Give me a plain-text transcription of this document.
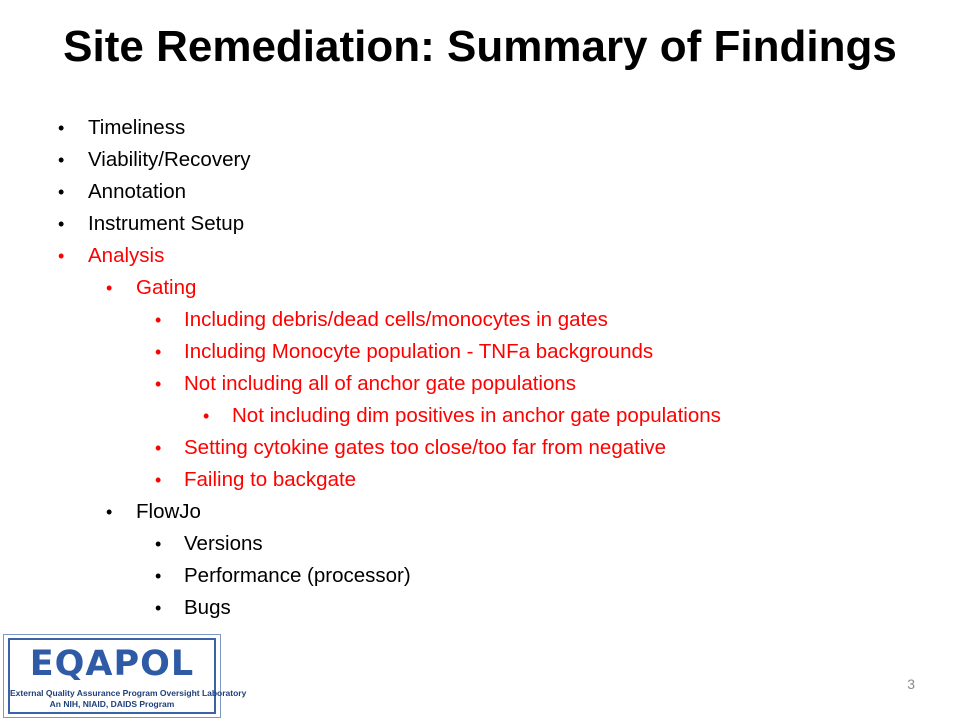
Site Remediation: Summary of Findings
• Timeliness
• Viability/Recovery
• Annotation
• Instrument Setup
• Analysis
• Gating
• Including debris/dead cells/monocytes in gates
• Including Monocyte population - TNFa backgrounds
• Not including all of anchor gate populations
• Not including dim positives in anchor gate populations
• Setting cytokine gates too close/too far from negative
• Failing to backgate
• FlowJo
• Versions
• Performance (processor)
• Bugs
EQAPOL
External Quality Assurance Program Oversight Laboratory
An NIH, NIAID, DAIDS Program
3
